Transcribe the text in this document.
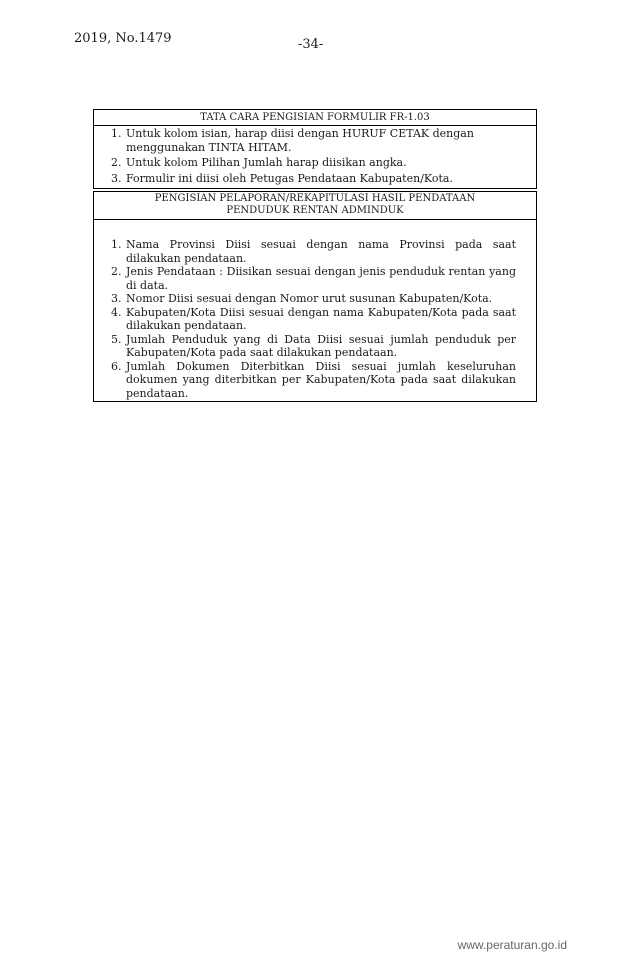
2019, No.1479	-34-
TATA CARA PENGISIAN FORMULIR FR-1.03
1. Untuk kolom isian, harap diisi dengan HURUF CETAK dengan menggunakan TINTA HITAM.
2. Untuk kolom Pilihan Jumlah harap diisikan angka.
3. Formulir ini diisi oleh Petugas Pendataan Kabupaten/Kota.
PENGISIAN PELAPORAN/REKAPITULASI HASIL PENDATAAN PENDUDUK RENTAN ADMINDUK
1. Nama Provinsi Diisi sesuai dengan nama Provinsi pada saat dilakukan pendataan.
2. Jenis Pendataan : Diisikan sesuai dengan jenis penduduk rentan yang di data.
3. Nomor Diisi sesuai dengan Nomor urut susunan Kabupaten/Kota.
4. Kabupaten/Kota Diisi sesuai dengan nama Kabupaten/Kota pada saat dilakukan pendataan.
5. Jumlah Penduduk yang di Data Diisi sesuai jumlah penduduk per Kabupaten/Kota pada saat dilakukan pendataan.
6. Jumlah Dokumen Diterbitkan Diisi sesuai jumlah keseluruhan dokumen yang diterbitkan per Kabupaten/Kota pada saat dilakukan pendataan.
www.peraturan.go.id
